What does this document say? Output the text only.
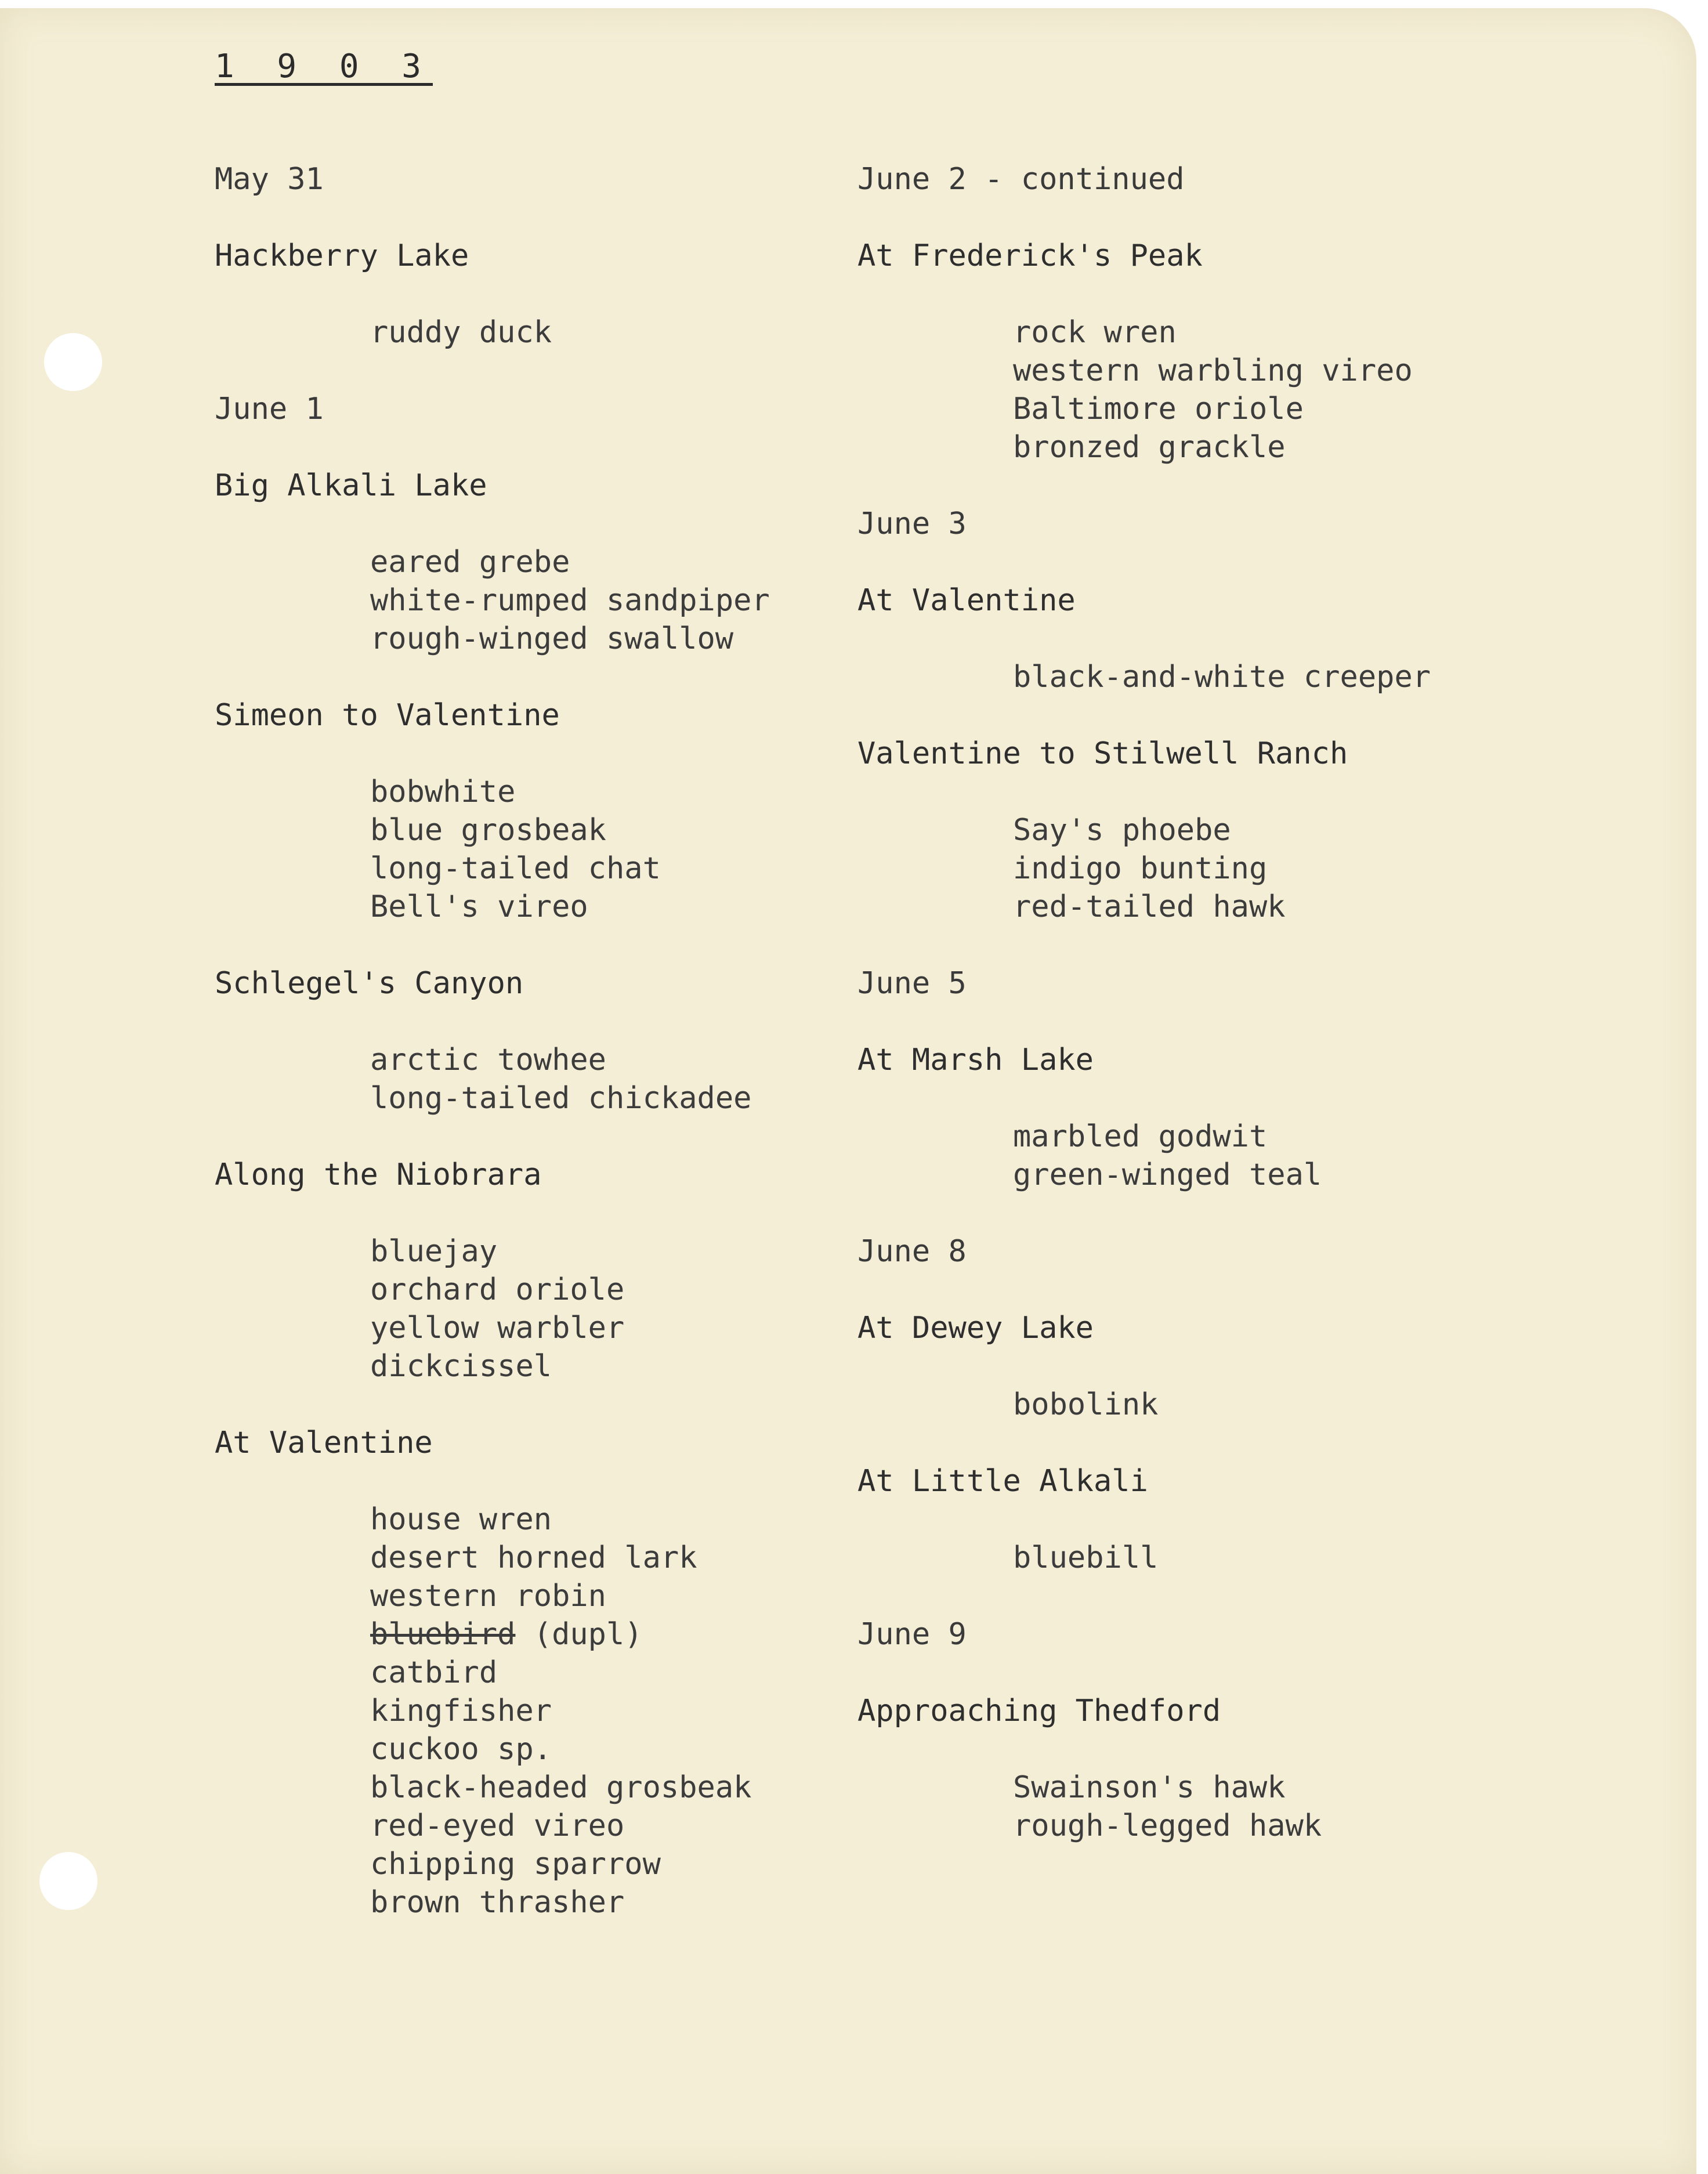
1 9 0 3
May 31
Hackberry Lake
ruddy duck
June 1
Big Alkali Lake
eared grebe
white-rumped sandpiper
rough-winged swallow
Simeon to Valentine
bobwhite
blue grosbeak
long-tailed chat
Bell's vireo
Schlegel's Canyon
arctic towhee
long-tailed chickadee
Along the Niobrara
bluejay
orchard oriole
yellow warbler
dickcissel
At Valentine
house wren
desert horned lark
western robin
bluebird (dupl)
catbird
kingfisher
cuckoo sp.
black-headed grosbeak
red-eyed vireo
chipping sparrow
brown thrasher
June 2 - continued
At Frederick's Peak
rock wren
western warbling vireo
Baltimore oriole
bronzed grackle
June 3
At Valentine
black-and-white creeper
Valentine to Stilwell Ranch
Say's phoebe
indigo bunting
red-tailed hawk
June 5
At Marsh Lake
marbled godwit
green-winged teal
June 8
At Dewey Lake
bobolink
At Little Alkali
bluebill
June 9
Approaching Thedford
Swainson's hawk
rough-legged hawk
